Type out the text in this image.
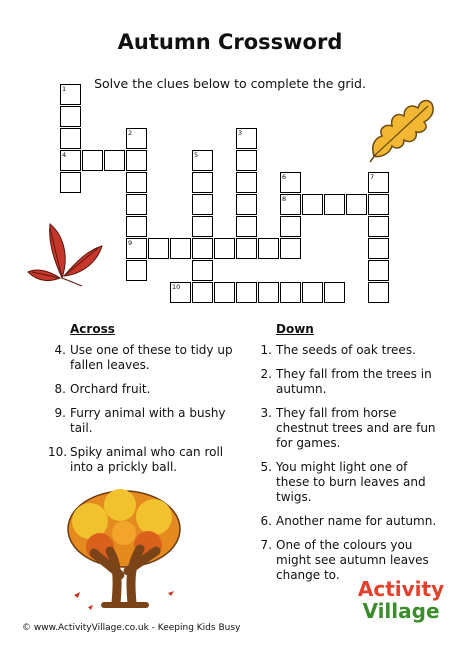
Autumn Crossword
Solve the clues below to complete the grid.
1
4
2
9
3
5
6
8
7
10
Across
4. Use one of these to tidy up fallen leaves.
8. Orchard fruit.
9. Furry animal with a bushy tail.
10. Spiky animal who can roll into a prickly ball.
Down
1. The seeds of oak trees.
2. They fall from the trees in autumn.
3. They fall from horse chestnut trees and are fun for games.
5. You might light one of these to burn leaves and twigs.
6. Another name for autumn.
7. One of the colours you might see autumn leaves change to.
© www.ActivityVillage.co.uk - Keeping Kids Busy
Activity
Village
